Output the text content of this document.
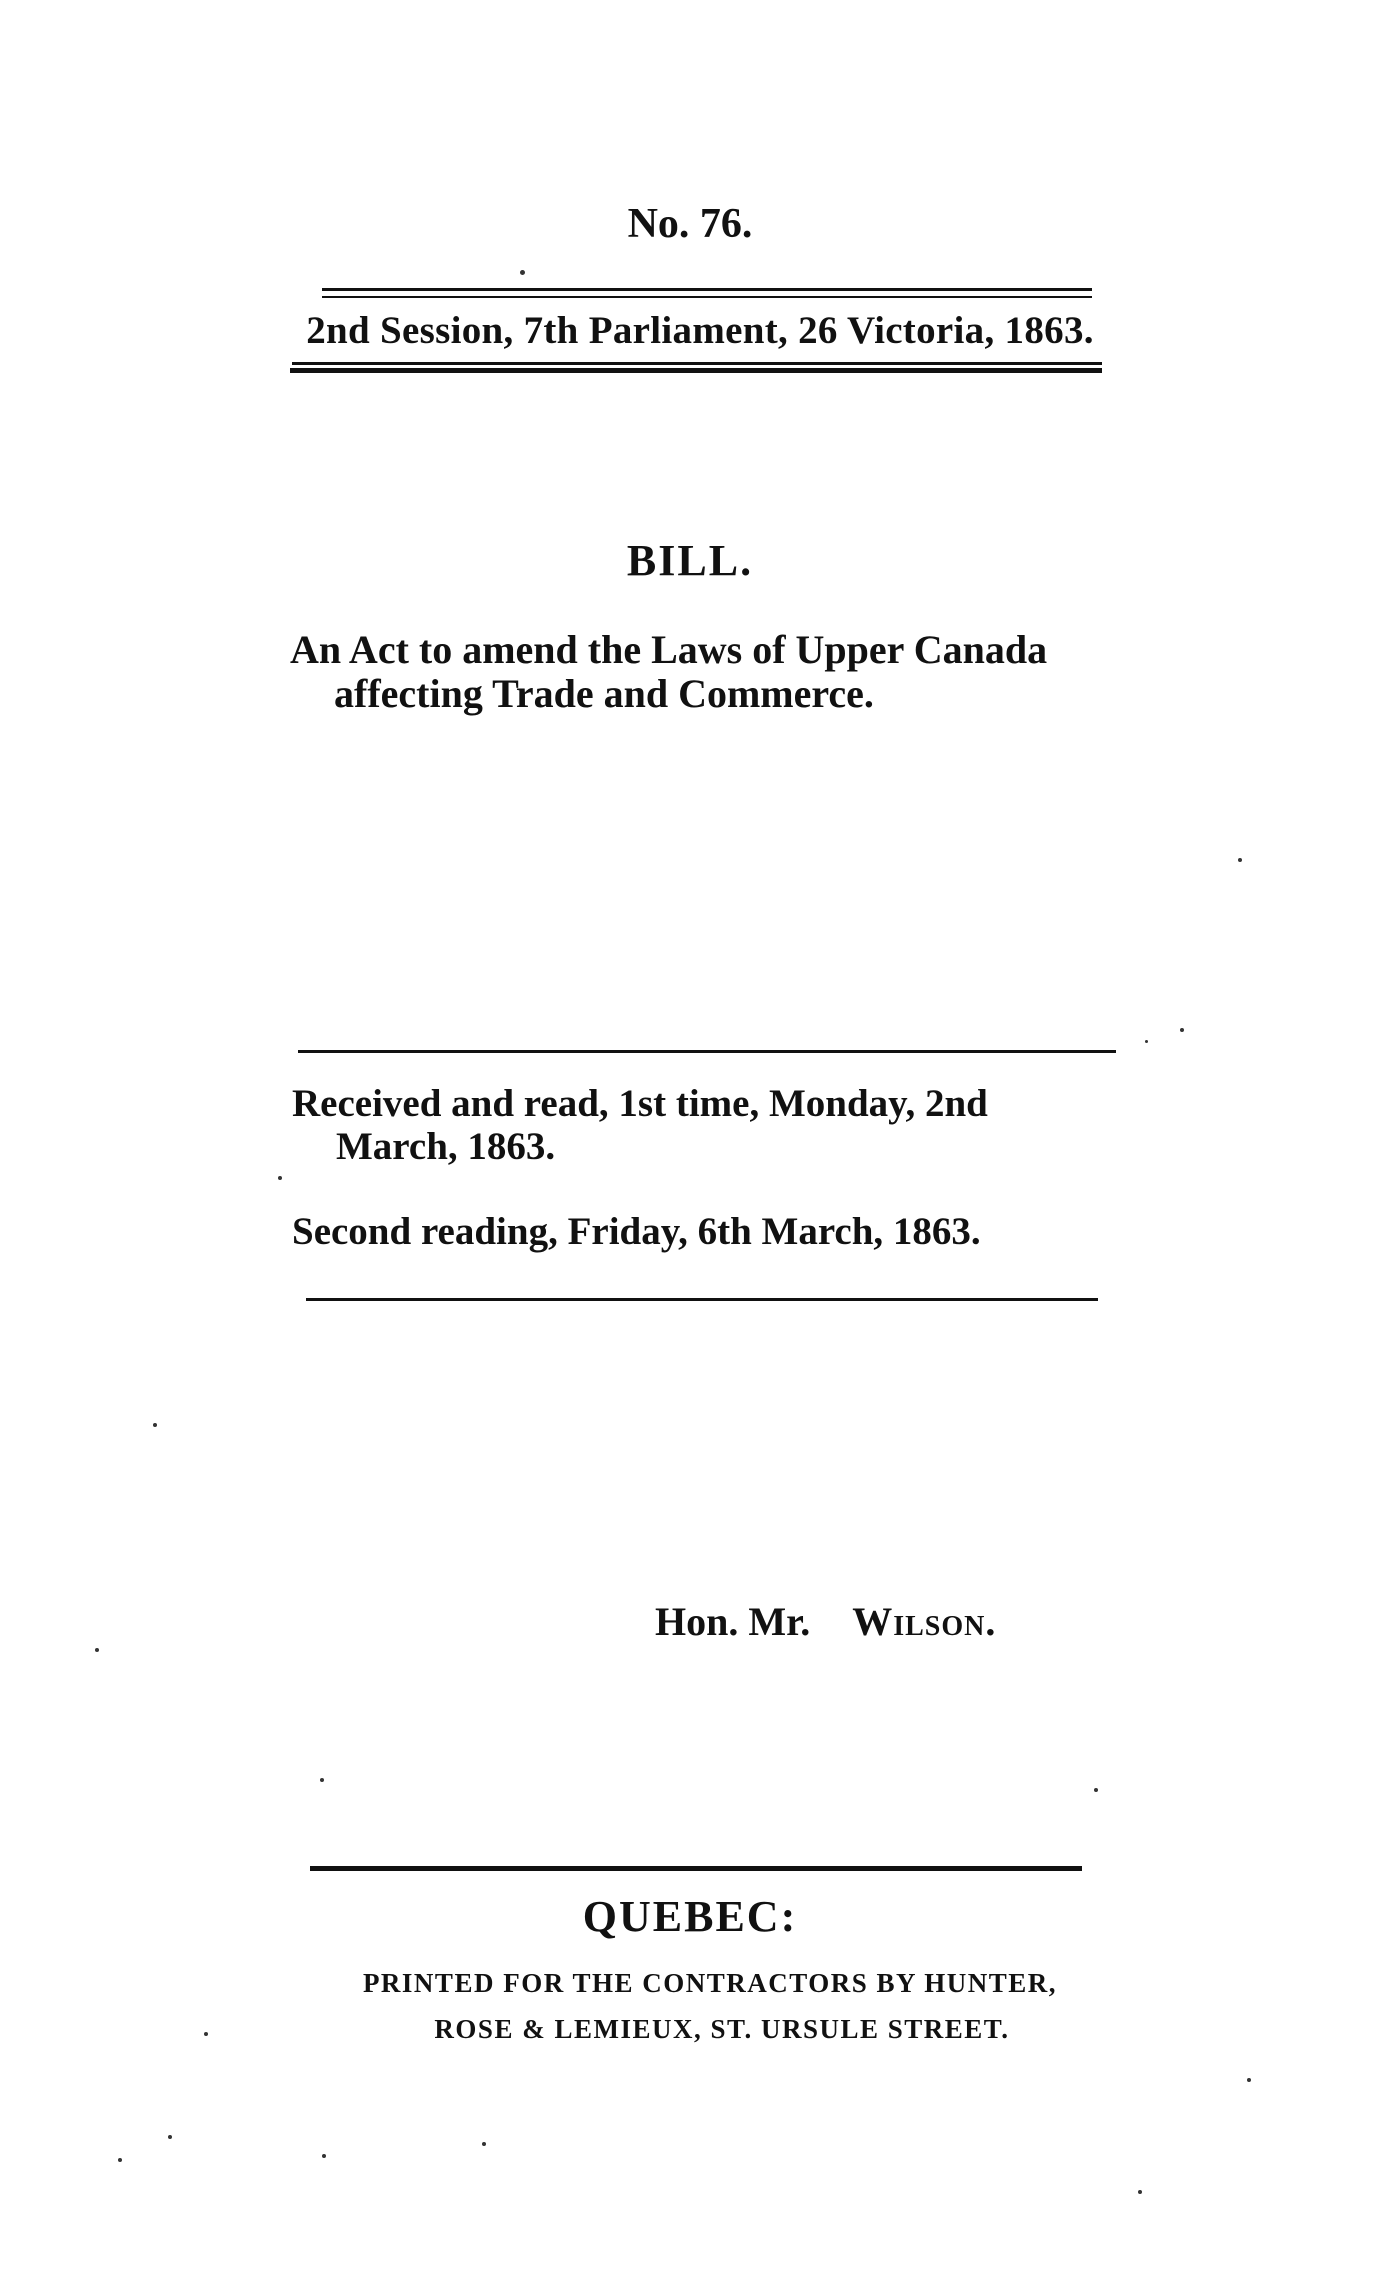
No. 76.
2nd Session, 7th Parliament, 26 Victoria, 1863.
BILL.
An Act to amend the Laws of Upper Canada
affecting Trade and Commerce.
Received and read, 1st time, Monday, 2nd
March, 1863.
Second reading, Friday, 6th March, 1863.
Hon. Mr. Wilson.
QUEBEC:
PRINTED FOR THE CONTRACTORS BY HUNTER,
ROSE & LEMIEUX, ST. URSULE STREET.
